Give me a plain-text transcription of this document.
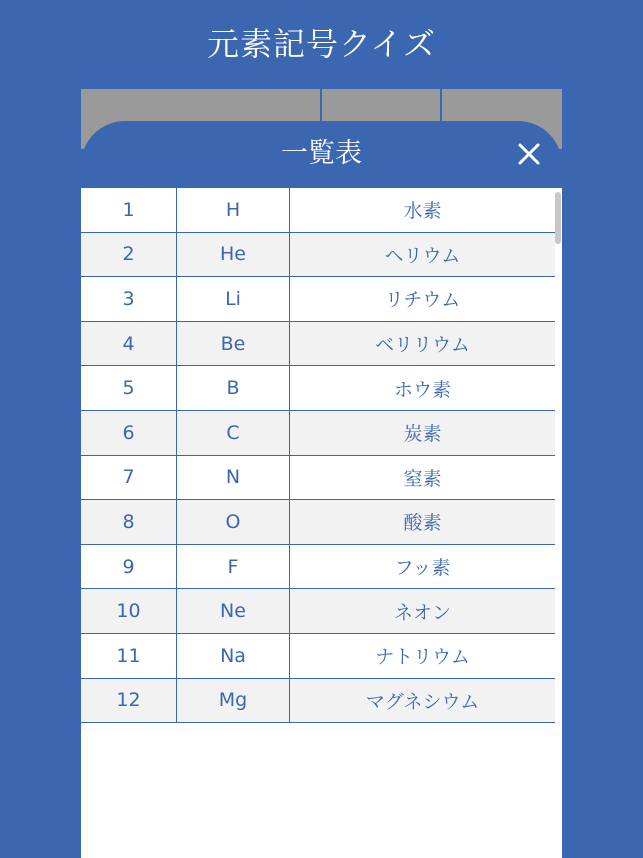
元素記号クイズ
一覧表
1	H	水素
2	He	ヘリウム
3	Li	リチウム
4	Be	ベリリウム
5	B	ホウ素
6	C	炭素
7	N	窒素
8	O	酸素
9	F	フッ素
10	Ne	ネオン
11	Na	ナトリウム
12	Mg	マグネシウム
